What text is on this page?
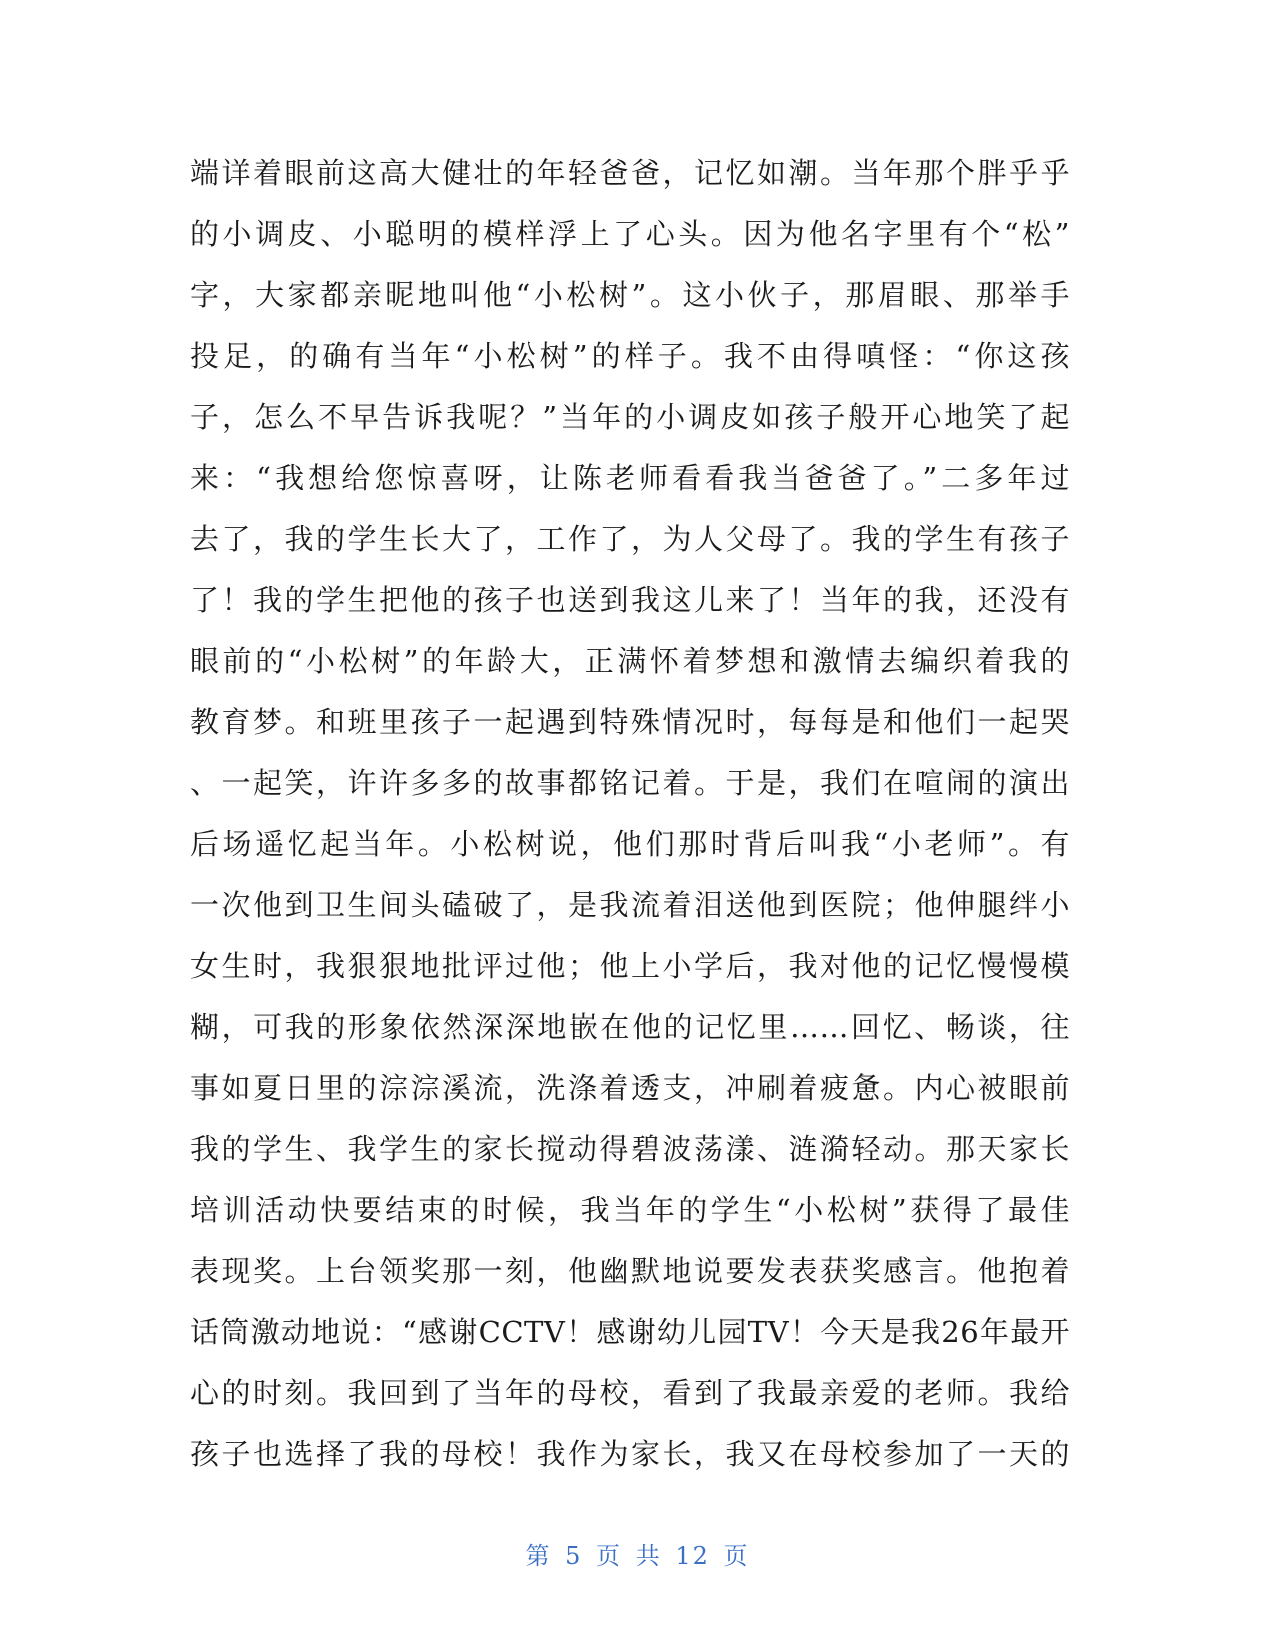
端详着眼前这高大健壮的年轻爸爸，记忆如潮。当年那个胖乎乎
的小调皮、小聪明的模样浮上了心头。因为他名字里有个“松”
字，大家都亲昵地叫他“小松树”。这小伙子，那眉眼、那举手
投足，的确有当年“小松树”的样子。我不由得嗔怪：“你这孩
子，怎么不早告诉我呢？”当年的小调皮如孩子般开心地笑了起
来：“我想给您惊喜呀，让陈老师看看我当爸爸了。”二多年过
去了，我的学生长大了，工作了，为人父母了。我的学生有孩子
了！我的学生把他的孩子也送到我这儿来了！当年的我，还没有
眼前的“小松树”的年龄大，正满怀着梦想和激情去编织着我的
教育梦。和班里孩子一起遇到特殊情况时，每每是和他们一起哭
、一起笑，许许多多的故事都铭记着。于是，我们在喧闹的演出
后场遥忆起当年。小松树说，他们那时背后叫我“小老师”。有
一次他到卫生间头磕破了，是我流着泪送他到医院；他伸腿绊小
女生时，我狠狠地批评过他；他上小学后，我对他的记忆慢慢模
糊，可我的形象依然深深地嵌在他的记忆里……回忆、畅谈，往
事如夏日里的淙淙溪流，洗涤着透支，冲刷着疲惫。内心被眼前
我的学生、我学生的家长搅动得碧波荡漾、涟漪轻动。那天家长
培训活动快要结束的时候，我当年的学生“小松树”获得了最佳
表现奖。上台领奖那一刻，他幽默地说要发表获奖感言。他抱着
话筒激动地说：“感谢CCTV！感谢幼儿园TV！今天是我26年最开
心的时刻。我回到了当年的母校，看到了我最亲爱的老师。我给
孩子也选择了我的母校！我作为家长，我又在母校参加了一天的
第 5 页 共 12 页
